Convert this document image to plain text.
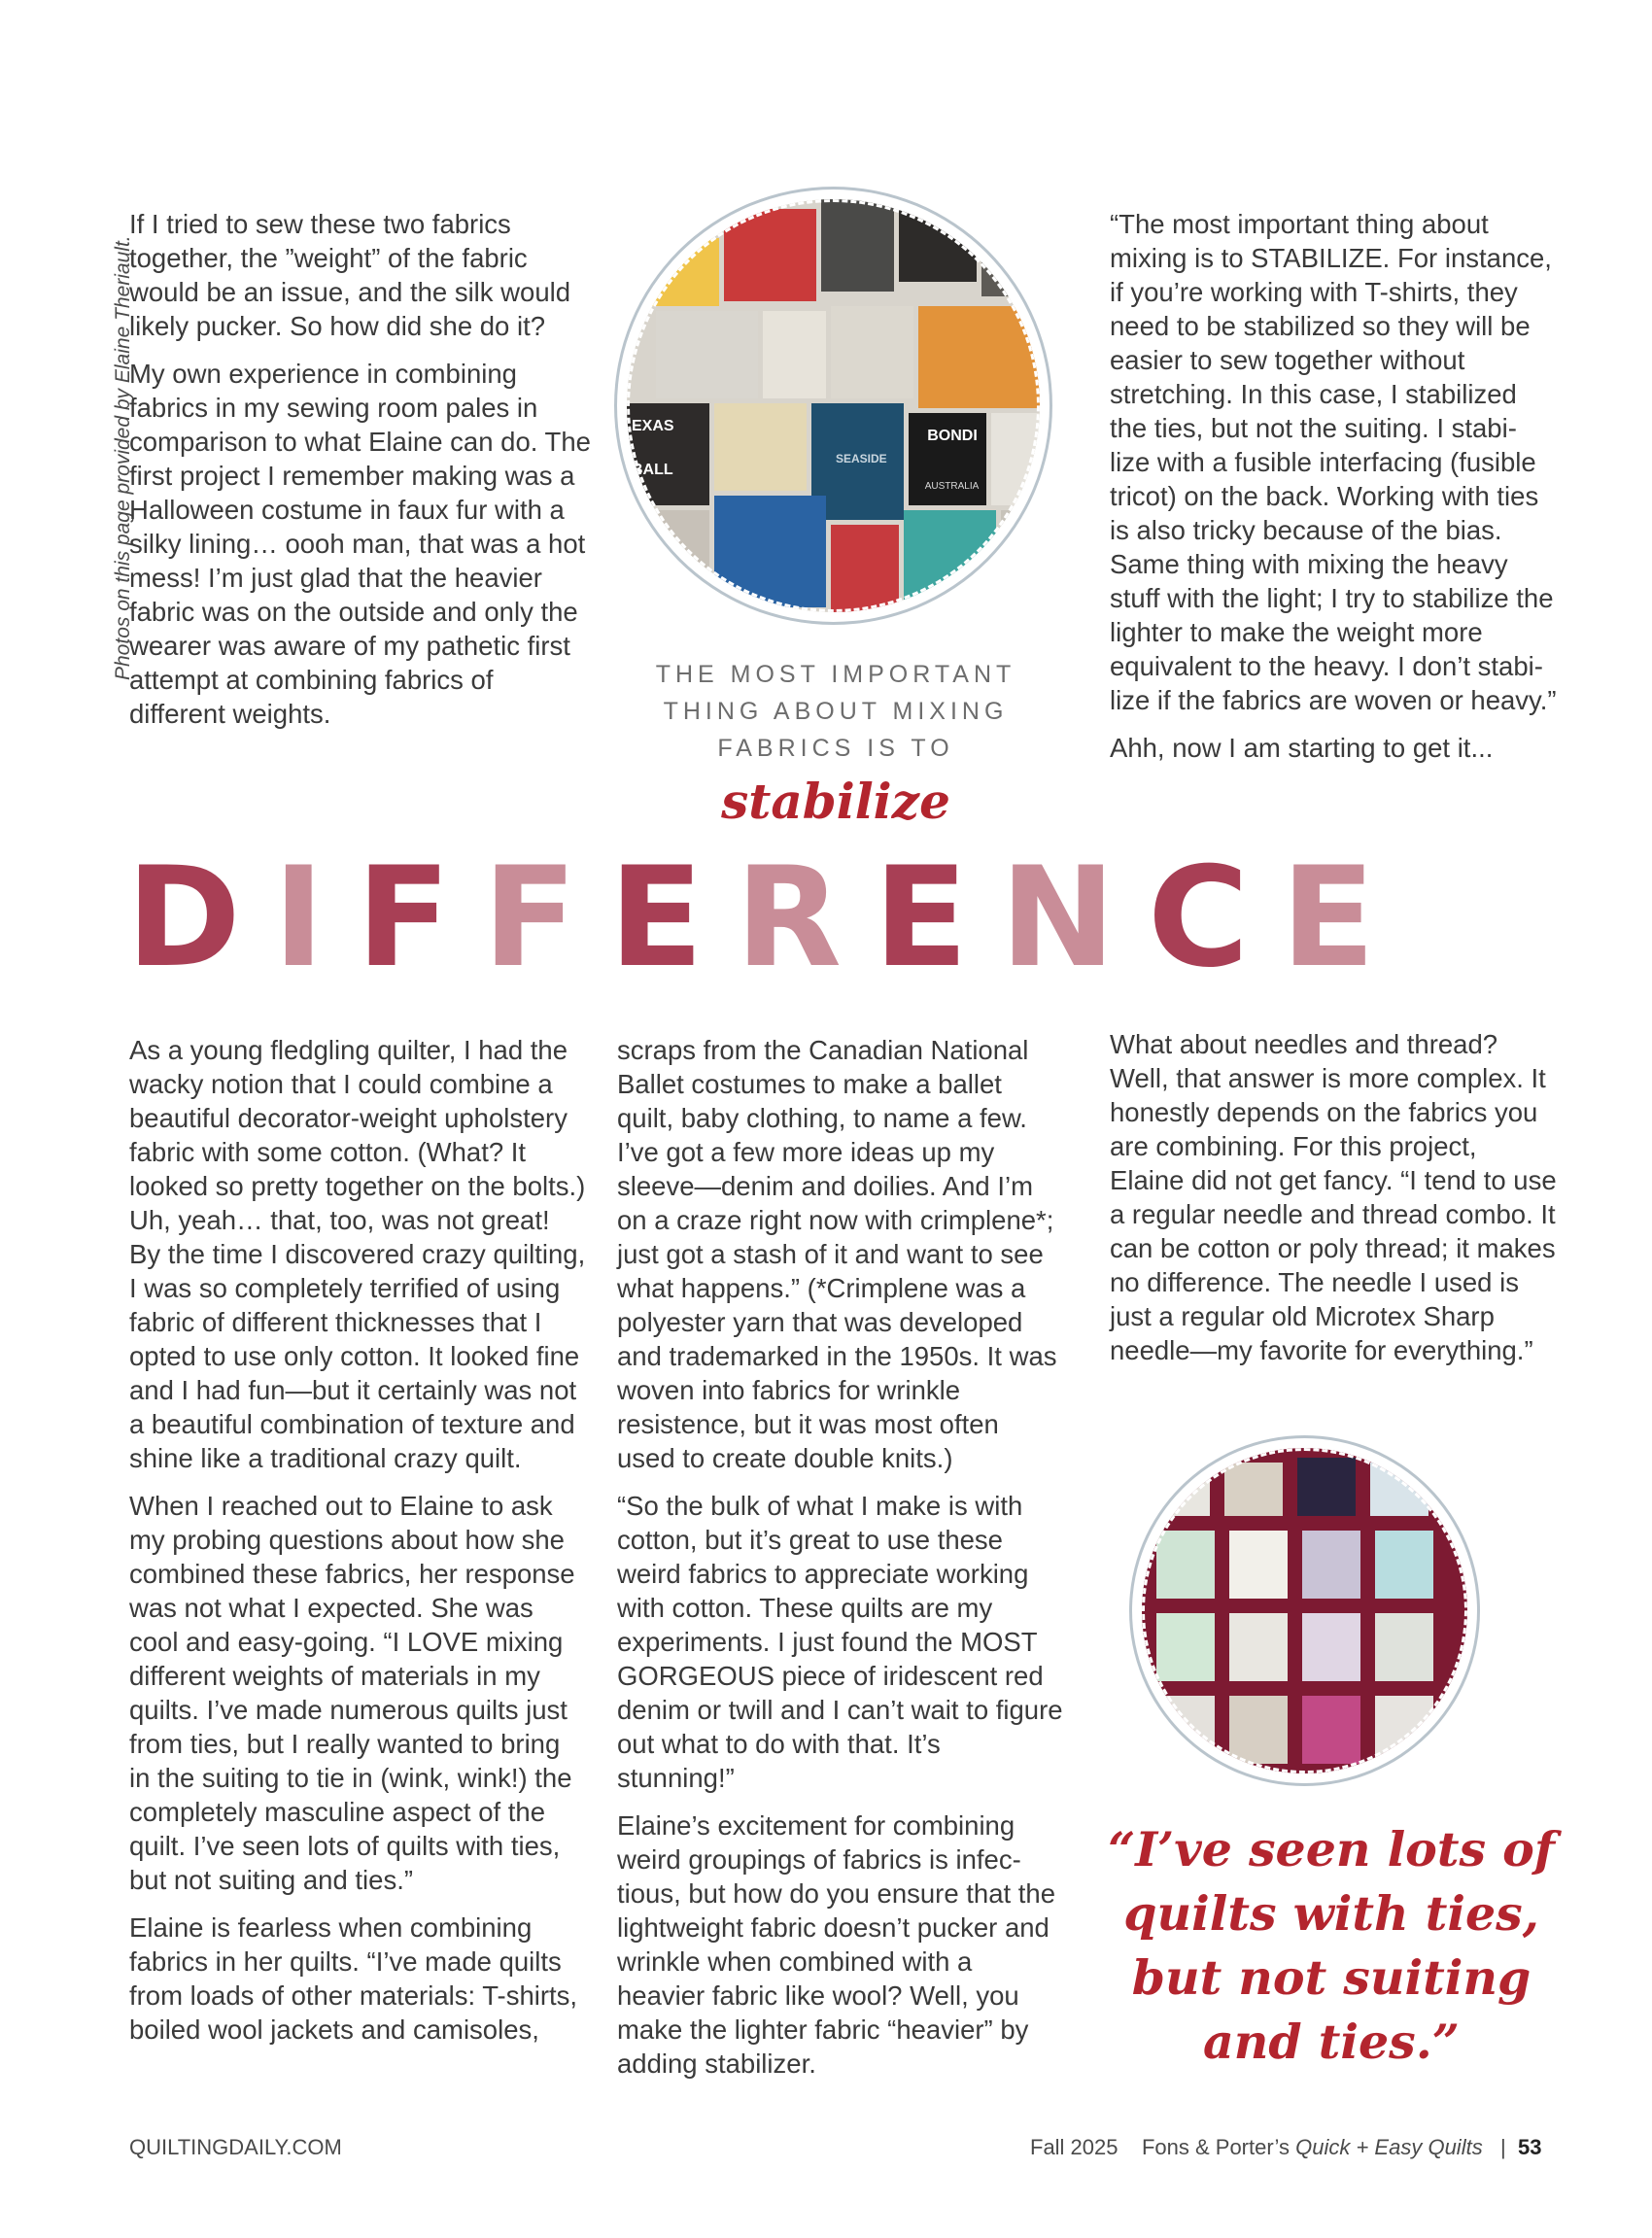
Photos on this page provided by Elaine Theriault.

If I tried to sew these two fabrics together, the ”weight” of the fabric would be an issue, and the silk would likely pucker. So how did she do it?

My own experience in combining fabrics in my sewing room pales in comparison to what Elaine can do. The first project I remember making was a Halloween costume in faux fur with a silky lining… oooh man, that was a hot mess! I’m just glad that the heavier fabric was on the outside and only the wearer was aware of my pathetic first attempt at combining fabrics of different weights.

BONDI
SEASIDE
EXAS
BALL
AUSTRALIA
THE MOST IMPORTANT
THING ABOUT MIXING
FABRICS IS TO
stabilize

“The most important thing about mixing is to STABILIZE. For instance, if you’re working with T-shirts, they need to be stabilized so they will be easier to sew together without stretching. In this case, I stabilized the ties, but not the suiting. I stabi-lize with a fusible interfacing (fusible tricot) on the back. Working with ties is also tricky because of the bias. Same thing with mixing the heavy stuff with the light; I try to stabilize the lighter to make the weight more equivalent to the heavy. I don’t stabi-lize if the fabrics are woven or heavy.”

Ahh, now I am starting to get it...

DIFFERENCE

As a young fledgling quilter, I had the wacky notion that I could combine a beautiful decorator-weight upholstery fabric with some cotton. (What? It looked so pretty together on the bolts.) Uh, yeah… that, too, was not great! By the time I discovered crazy quilting, I was so completely terrified of using fabric of different thicknesses that I opted to use only cotton. It looked fine and I had fun—but it certainly was not a beautiful combination of texture and shine like a traditional crazy quilt.

When I reached out to Elaine to ask my probing questions about how she combined these fabrics, her response was not what I expected. She was cool and easy-going. “I LOVE mixing different weights of materials in my quilts. I’ve made numerous quilts just from ties, but I really wanted to bring in the suiting to tie in (wink, wink!) the completely masculine aspect of the quilt. I’ve seen lots of quilts with ties, but not suiting and ties.”

Elaine is fearless when combining fabrics in her quilts. “I’ve made quilts from loads of other materials: T-shirts, boiled wool jackets and camisoles,

scraps from the Canadian National Ballet costumes to make a ballet quilt, baby clothing, to name a few. I’ve got a few more ideas up my sleeve—denim and doilies. And I’m on a craze right now with crimplene*; just got a stash of it and want to see what happens.” (*Crimplene was a polyester yarn that was developed and trademarked in the 1950s. It was woven into fabrics for wrinkle resistence, but it was most often used to create double knits.)

“So the bulk of what I make is with cotton, but it’s great to use these weird fabrics to appreciate working with cotton. These quilts are my experiments. I just found the MOST GORGEOUS piece of iridescent red denim or twill and I can’t wait to figure out what to do with that. It’s stunning!”

Elaine’s excitement for combining weird groupings of fabrics is infec-tious, but how do you ensure that the lightweight fabric doesn’t pucker and wrinkle when combined with a heavier fabric like wool? Well, you make the lighter fabric “heavier” by adding stabilizer.

What about needles and thread? Well, that answer is more complex. It honestly depends on the fabrics you are combining. For this project, Elaine did not get fancy. “I tend to use a regular needle and thread combo. It can be cotton or poly thread; it makes no difference. The needle I used is just a regular old Microtex Sharp needle—my favorite for everything.”

“I’ve seen lots of quilts with ties, but not suiting and ties.”
QUILTINGDAILY.COM	Fall 2025 Fons & Porter’s Quick + Easy Quilts | 53
